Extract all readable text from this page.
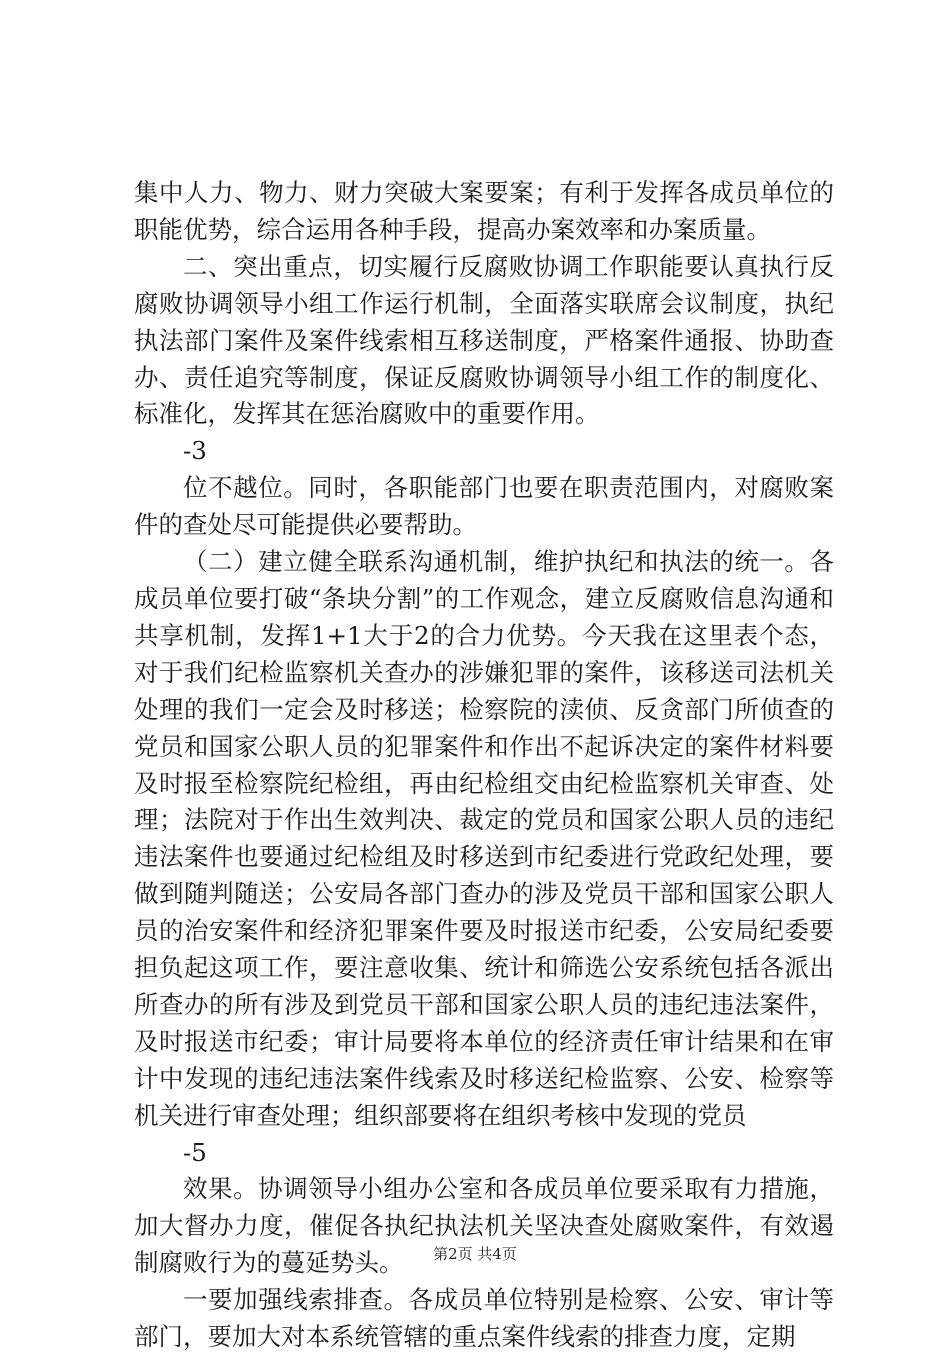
集中人力、物力、财力突破大案要案；有利于发挥各成员单位的职能优势，综合运用各种手段，提高办案效率和办案质量。

二、突出重点，切实履行反腐败协调工作职能要认真执行反腐败协调领导小组工作运行机制，全面落实联席会议制度，执纪执法部门案件及案件线索相互移送制度，严格案件通报、协助查办、责任追究等制度，保证反腐败协调领导小组工作的制度化、标准化，发挥其在惩治腐败中的重要作用。

-3

位不越位。同时，各职能部门也要在职责范围内，对腐败案件的查处尽可能提供必要帮助。

（二）建立健全联系沟通机制，维护执纪和执法的统一。各成员单位要打破“条块分割”的工作观念，建立反腐败信息沟通和共享机制，发挥1+1大于2的合力优势。今天我在这里表个态，对于我们纪检监察机关查办的涉嫌犯罪的案件，该移送司法机关处理的我们一定会及时移送；检察院的渎侦、反贪部门所侦查的党员和国家公职人员的犯罪案件和作出不起诉决定的案件材料要及时报至检察院纪检组，再由纪检组交由纪检监察机关审查、处理；法院对于作出生效判决、裁定的党员和国家公职人员的违纪违法案件也要通过纪检组及时移送到市纪委进行党政纪处理，要做到随判随送；公安局各部门查办的涉及党员干部和国家公职人员的治安案件和经济犯罪案件要及时报送市纪委，公安局纪委要担负起这项工作，要注意收集、统计和筛选公安系统包括各派出所查办的所有涉及到党员干部和国家公职人员的违纪违法案件，及时报送市纪委；审计局要将本单位的经济责任审计结果和在审计中发现的违纪违法案件线索及时移送纪检监察、公安、检察等机关进行审查处理；组织部要将在组织考核中发现的党员

-5

效果。协调领导小组办公室和各成员单位要采取有力措施，加大督办力度，催促各执纪执法机关坚决查处腐败案件，有效遏制腐败行为的蔓延势头。

一要加强线索排查。各成员单位特别是检察、公安、审计等部门，要加大对本系统管辖的重点案件线索的排查力度，定期

第2页 共4页
